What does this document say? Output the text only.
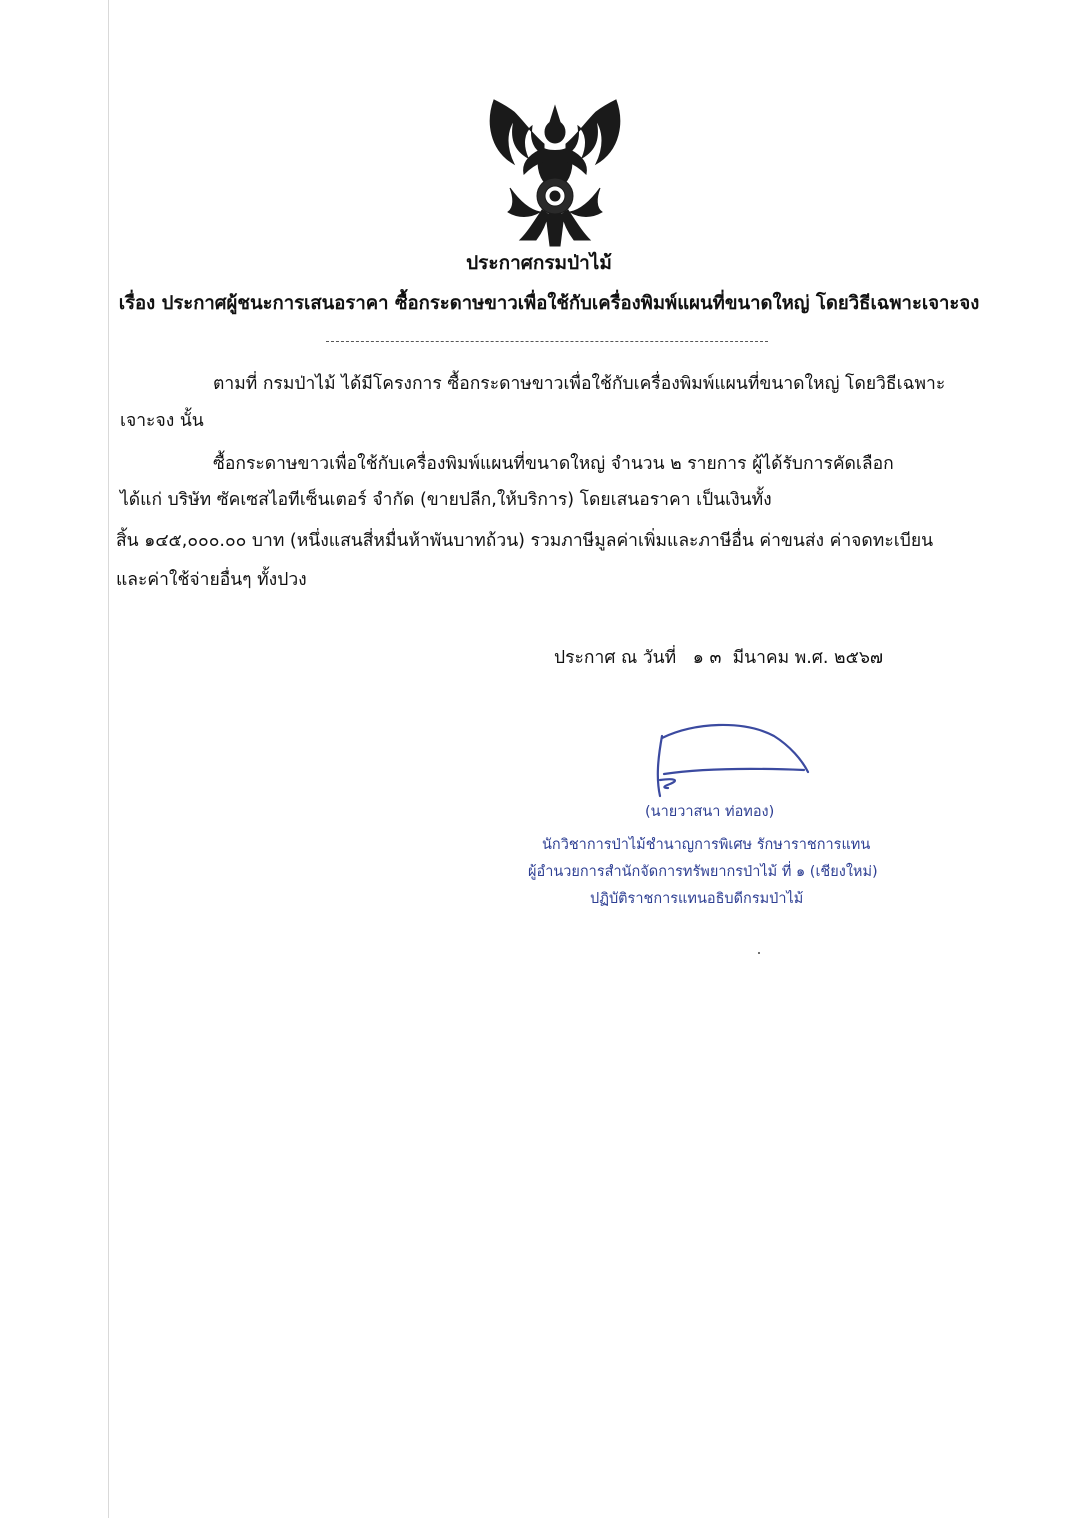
ประกาศกรมป่าไม้
เรื่อง ประกาศผู้ชนะการเสนอราคา ซื้อกระดาษขาวเพื่อใช้กับเครื่องพิมพ์แผนที่ขนาดใหญ่ โดยวิธีเฉพาะเจาะจง
ตามที่ กรมป่าไม้ ได้มีโครงการ ซื้อกระดาษขาวเพื่อใช้กับเครื่องพิมพ์แผนที่ขนาดใหญ่ โดยวิธีเฉพาะ
เจาะจง นั้น
ซื้อกระดาษขาวเพื่อใช้กับเครื่องพิมพ์แผนที่ขนาดใหญ่ จำนวน ๒ รายการ ผู้ได้รับการคัดเลือก
ได้แก่ บริษัท ซัคเซสไอทีเซ็นเตอร์ จำกัด (ขายปลีก,ให้บริการ) โดยเสนอราคา เป็นเงินทั้ง
สิ้น ๑๔๕,๐๐๐.๐๐ บาท (หนึ่งแสนสี่หมื่นห้าพันบาทถ้วน) รวมภาษีมูลค่าเพิ่มและภาษีอื่น ค่าขนส่ง ค่าจดทะเบียน
และค่าใช้จ่ายอื่นๆ ทั้งปวง
ประกาศ ณ วันที่   ๑ ๓  มีนาคม พ.ศ. ๒๕๖๗
(นายวาสนา ท่อทอง)
นักวิชาการป่าไม้ชำนาญการพิเศษ รักษาราชการแทน
ผู้อำนวยการสำนักจัดการทรัพยากรป่าไม้ ที่ ๑ (เชียงใหม่)
ปฏิบัติราชการแทนอธิบดีกรมป่าไม้
